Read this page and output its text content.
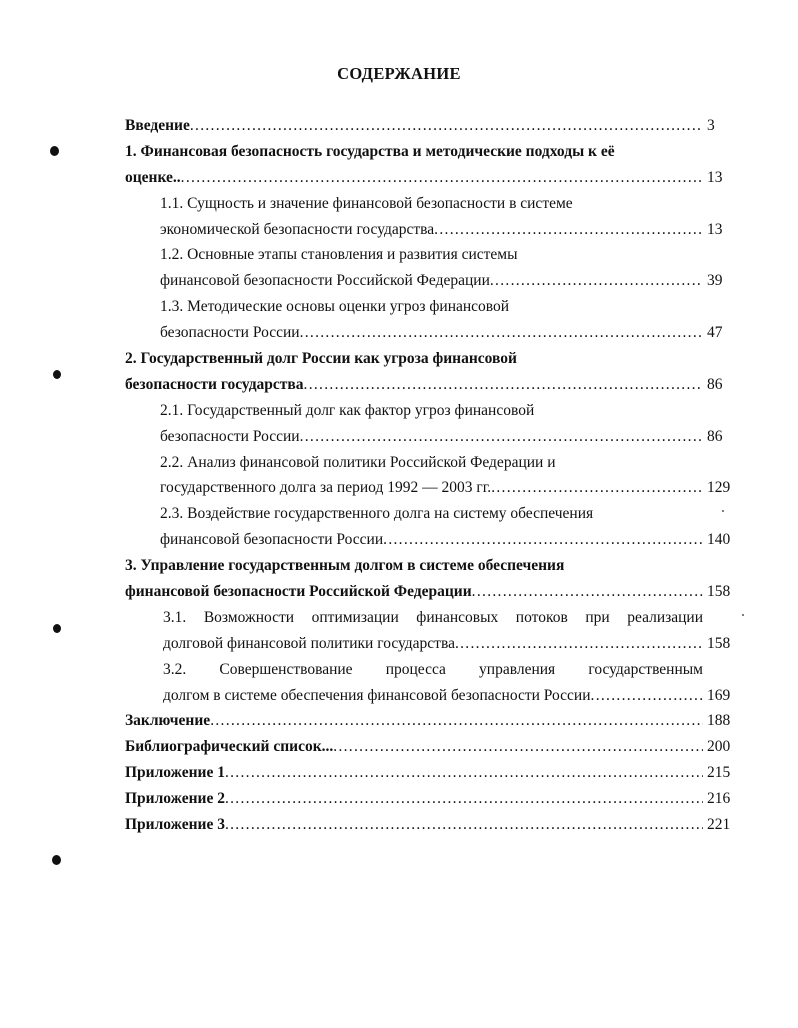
СОДЕРЖАНИЕ
Введение .....	3
1. Финансовая безопасность государства и методические подходы к её
оценке.. .....	13
1.1. Сущность и значение финансовой безопасности в системе
экономической безопасности государства .....	13
1.2. Основные этапы становления и развития системы
финансовой безопасности Российской Федерации .....	39
1.3. Методические основы оценки угроз финансовой
безопасности России .....	47
2. Государственный долг России как угроза финансовой
безопасности государства .....	86
2.1. Государственный долг как фактор угроз финансовой
безопасности России .....	86
2.2. Анализ финансовой политики Российской Федерации и
государственного долга за период 1992 — 2003 гг. .....	129
2.3. Воздействие государственного долга на систему обеспечения
финансовой безопасности России .....	140
3. Управление государственным долгом в системе обеспечения
финансовой безопасности Российской Федерации .....	158
3.1. Возможности оптимизации финансовых потоков при реализации
долговой финансовой политики государства .....	158
3.2. Совершенствование процесса управления государственным
долгом в системе обеспечения финансовой безопасности России .....	169
Заключение .....	188
Библиографический список... .....	200
Приложение 1 .....	215
Приложение 2 .....	216
Приложение 3 .....	221
